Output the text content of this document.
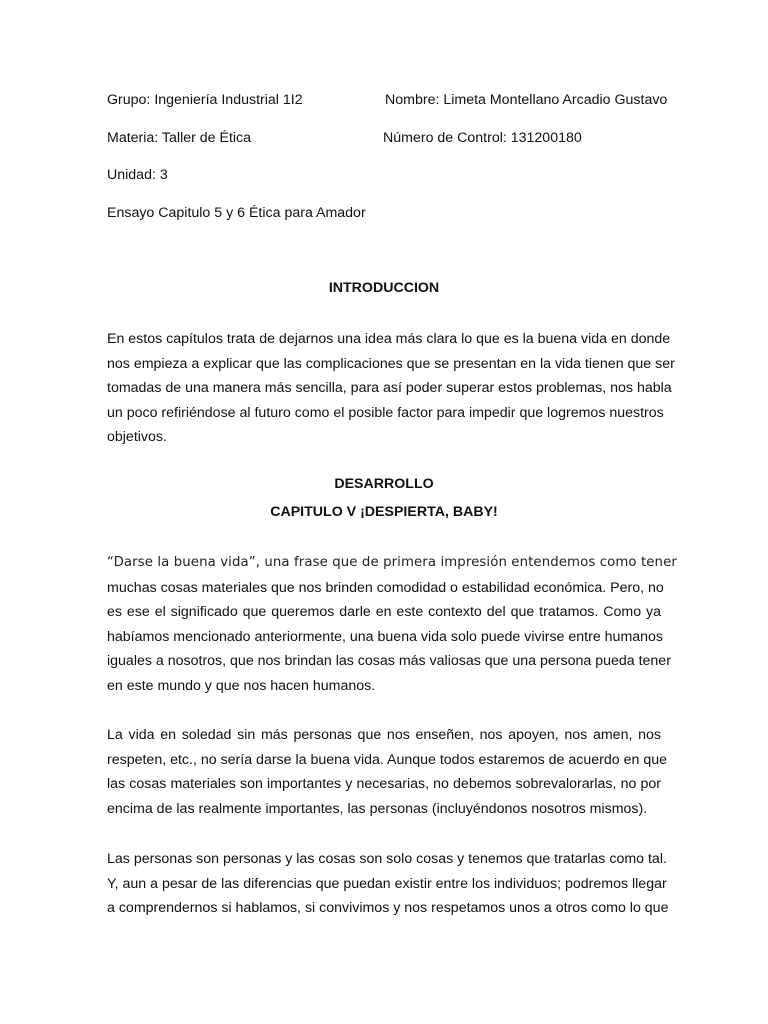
Grupo: Ingeniería Industrial 1I2	Nombre: Limeta Montellano Arcadio Gustavo
Materia: Taller de Ética	Número de Control: 131200180
Unidad: 3
Ensayo Capitulo 5 y 6 Ética para Amador
INTRODUCCION
En estos capítulos trata de dejarnos una idea más clara lo que es la buena vida en donde
nos empieza a explicar que las complicaciones que se presentan en la vida tienen que ser
tomadas de una manera más sencilla, para así poder superar estos problemas, nos habla
un poco refiriéndose al futuro como el posible factor para impedir que logremos nuestros
objetivos.
DESARROLLO
CAPITULO V ¡DESPIERTA, BABY!
“Darse la buena vida”, una frase que de primera impresión entendemos como tener
muchas cosas materiales que nos brinden comodidad o estabilidad económica. Pero, no
es ese el significado que queremos darle en este contexto del que tratamos. Como ya
habíamos mencionado anteriormente, una buena vida solo puede vivirse entre humanos
iguales a nosotros, que nos brindan las cosas más valiosas que una persona pueda tener
en este mundo y que nos hacen humanos.
La vida en soledad sin más personas que nos enseñen, nos apoyen, nos amen, nos
respeten, etc., no sería darse la buena vida. Aunque todos estaremos de acuerdo en que
las cosas materiales son importantes y necesarias, no debemos sobrevalorarlas, no por
encima de las realmente importantes, las personas (incluyéndonos nosotros mismos).
Las personas son personas y las cosas son solo cosas y tenemos que tratarlas como tal.
Y, aun a pesar de las diferencias que puedan existir entre los individuos; podremos llegar
a comprendernos si hablamos, si convivimos y nos respetamos unos a otros como lo que
